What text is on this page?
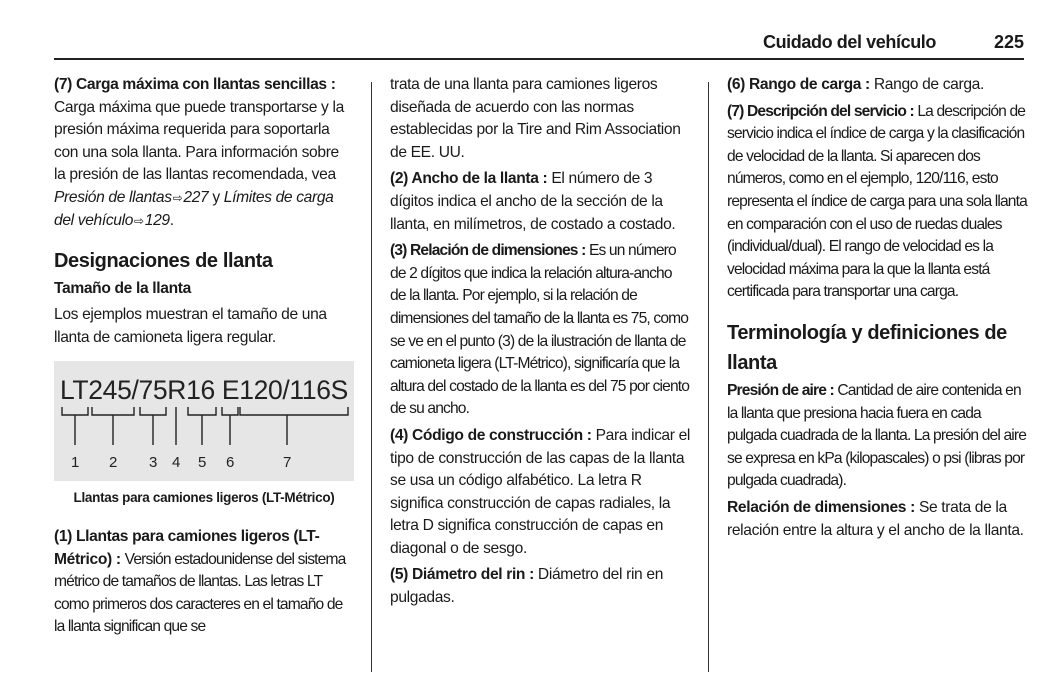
Cuidado del vehículo	225

(7) Carga máxima con llantas sencillas : Carga máxima que puede transportarse y la presión máxima requerida para soportarla con una sola llanta. Para información sobre la presión de las llantas recomendada, vea Presión de llantas⇨227 y Límites de carga del vehículo⇨129.

Designaciones de llanta
Tamaño de la llanta

Los ejemplos muestran el tamaño de una llanta de camioneta ligera regular.

LT245/75R16 E120/116S
1 2 3 4 5 6	7
Llantas para camiones ligeros (LT-Métrico)

(1) Llantas para camiones ligeros (LT-Métrico) : Versión estadounidense del sistema métrico de tamaños de llantas. Las letras LT como primeros dos caracteres en el tamaño de la llanta significan que se

trata de una llanta para camiones ligeros diseñada de acuerdo con las normas establecidas por la Tire and Rim Association de EE. UU.

(2) Ancho de la llanta : El número de 3 dígitos indica el ancho de la sección de la llanta, en milímetros, de costado a costado.

(3) Relación de dimensiones : Es un número de 2 dígitos que indica la relación altura-ancho de la llanta. Por ejemplo, si la relación de dimensiones del tamaño de la llanta es 75, como se ve en el punto (3) de la ilustración de llanta de camioneta ligera (LT-Métrico), significaría que la altura del costado de la llanta es del 75 por ciento de su ancho.

(4) Código de construcción : Para indicar el tipo de construcción de las capas de la llanta se usa un código alfabético. La letra R significa construcción de capas radiales, la letra D significa construcción de capas en diagonal o de sesgo.

(5) Diámetro del rin : Diámetro del rin en pulgadas.

(6) Rango de carga : Rango de carga.

(7) Descripción del servicio : La descripción de servicio indica el índice de carga y la clasificación de velocidad de la llanta. Si aparecen dos números, como en el ejemplo, 120/116, esto representa el índice de carga para una sola llanta en comparación con el uso de ruedas duales (individual/dual). El rango de velocidad es la velocidad máxima para la que la llanta está certificada para transportar una carga.

Terminología y definiciones de llanta

Presión de aire : Cantidad de aire contenida en la llanta que presiona hacia fuera en cada pulgada cuadrada de la llanta. La presión del aire se expresa en kPa (kilopascales) o psi (libras por pulgada cuadrada).

Relación de dimensiones : Se trata de la relación entre la altura y el ancho de la llanta.
